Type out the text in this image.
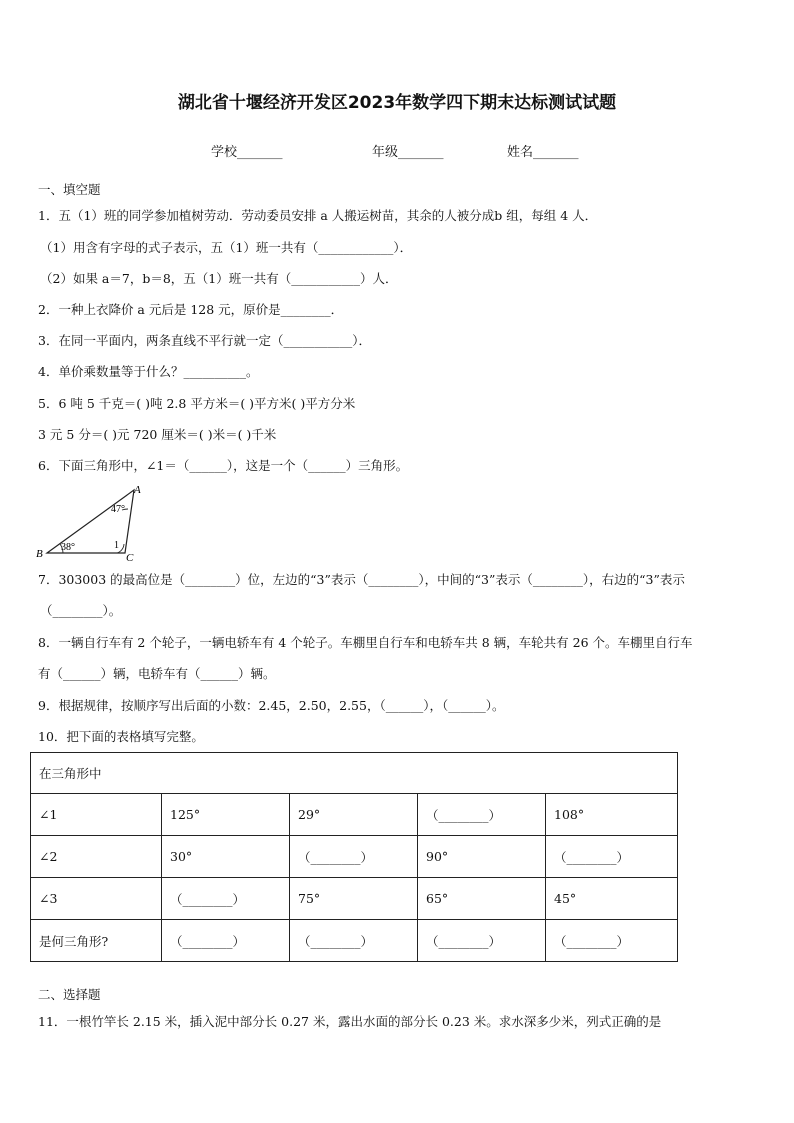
湖北省十堰经济开发区2023年数学四下期末达标测试试题
学校_______	年级_______	姓名_______
一、填空题
1．五（1）班的同学参加植树劳动．劳动委员安排 a 人搬运树苗，其余的人被分成b 组，每组 4 人．
（1）用含有字母的式子表示，五（1）班一共有（____________）．
（2）如果 a＝7，b＝8，五（1）班一共有（___________）人．
2．一种上衣降价 a 元后是 128 元，原价是________．
3．在同一平面内，两条直线不平行就一定（___________）．
4．单价乘数量等于什么？__________。
5．6 吨 5 千克＝( )吨 2.8 平方米＝( )平方米( )平方分米
3 元 5 分＝( )元 720 厘米＝( )米＝( )千米
6．下面三角形中，∠1＝（______），这是一个（______）三角形。
A
B	C
47°
38°	1
7．303003 的最高位是（________）位，左边的“3”表示（________），中间的“3”表示（________），右边的“3”表示
（________）。
8．一辆自行车有 2 个轮子，一辆电轿车有 4 个轮子。车棚里自行车和电轿车共 8 辆，车轮共有 26 个。车棚里自行车
有（______）辆，电轿车有（______）辆。
9．根据规律，按顺序写出后面的小数：2.45，2.50，2.55，（______），（______）。
10．把下面的表格填写完整。
在三角形中				
∠1	125°	29°	（________）	108°
∠2	30°	（________）	90°	（________）
∠3	（________）	75°	65°	45°
是何三角形?	（________）	（________）	（________）	（________）
二、选择题
11．一根竹竿长 2.15 米，插入泥中部分长 0.27 米，露出水面的部分长 0.23 米。求水深多少米，列式正确的是
